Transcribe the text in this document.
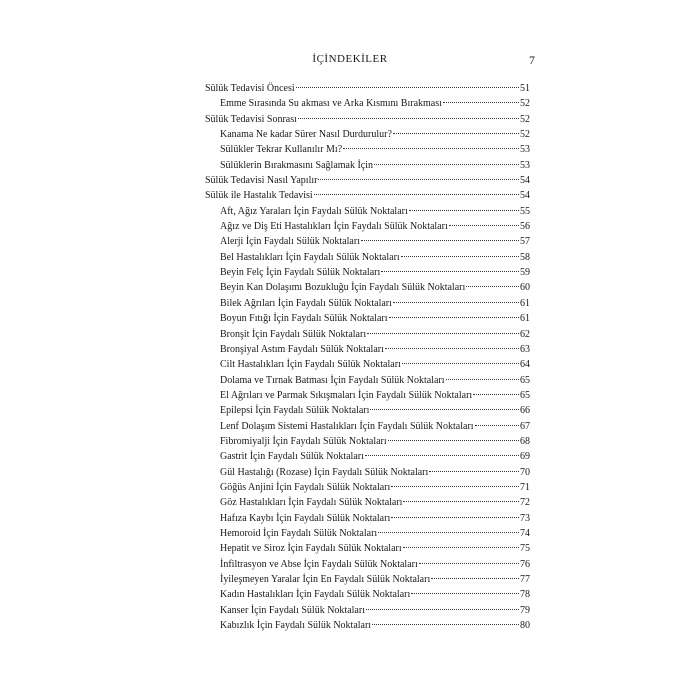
İÇİNDEKİLER	7
Sülük Tedavisi Öncesi	51
Emme Sırasında Su akması ve Arka Kısmını Bırakması	52
Sülük Tedavisi Sonrası	52
Kanama Ne kadar Sürer Nasıl Durdurulur?	52
Sülükler Tekrar Kullanılır Mı?	53
Sülüklerin Bırakmasını Sağlamak İçin	53
Sülük Tedavisi Nasıl Yapılır	54
Sülük ile Hastalık Tedavisi	54
Aft, Ağız Yaraları İçin Faydalı Sülük Noktaları	55
Ağız ve Diş Eti Hastalıkları İçin Faydalı Sülük Noktaları	56
Alerji İçin Faydalı Sülük Noktaları	57
Bel Hastalıkları İçin Faydalı Sülük Noktaları	58
Beyin Felç İçin Faydalı Sülük Noktaları	59
Beyin Kan Dolaşımı Bozukluğu İçin Faydalı Sülük Noktaları	60
Bilek Ağrıları İçin Faydalı Sülük Noktaları	61
Boyun Fıtığı İçin Faydalı Sülük Noktaları	61
Bronşit İçin Faydalı Sülük Noktaları	62
Bronşiyal Astım Faydalı Sülük Noktaları	63
Cilt Hastalıkları İçin Faydalı Sülük Noktaları	64
Dolama ve Tırnak Batması İçin Faydalı Sülük Noktaları	65
El Ağrıları ve Parmak Sıkışmaları İçin Faydalı Sülük Noktaları	65
Epilepsi İçin Faydalı Sülük Noktaları	66
Lenf Dolaşım Sistemi Hastalıkları İçin Faydalı Sülük Noktaları	67
Fibromiyalji İçin Faydalı Sülük Noktaları	68
Gastrit İçin Faydalı Sülük Noktaları	69
Gül Hastalığı (Rozase) İçin Faydalı Sülük Noktaları	70
Göğüs Anjini İçin Faydalı Sülük Noktaları	71
Göz Hastalıkları İçin Faydalı Sülük Noktaları	72
Hafıza Kaybı İçin Faydalı Sülük Noktaları	73
Hemoroid İçin Faydalı Sülük Noktaları	74
Hepatit ve Siroz İçin Faydalı Sülük Noktaları	75
İnfiltrasyon ve Abse İçin Faydalı Sülük Noktaları	76
İyileşmeyen Yaralar İçin En Faydalı Sülük Noktaları	77
Kadın Hastalıkları İçin Faydalı Sülük Noktaları	78
Kanser İçin Faydalı Sülük Noktaları	79
Kabızlık İçin Faydalı Sülük Noktaları	80
